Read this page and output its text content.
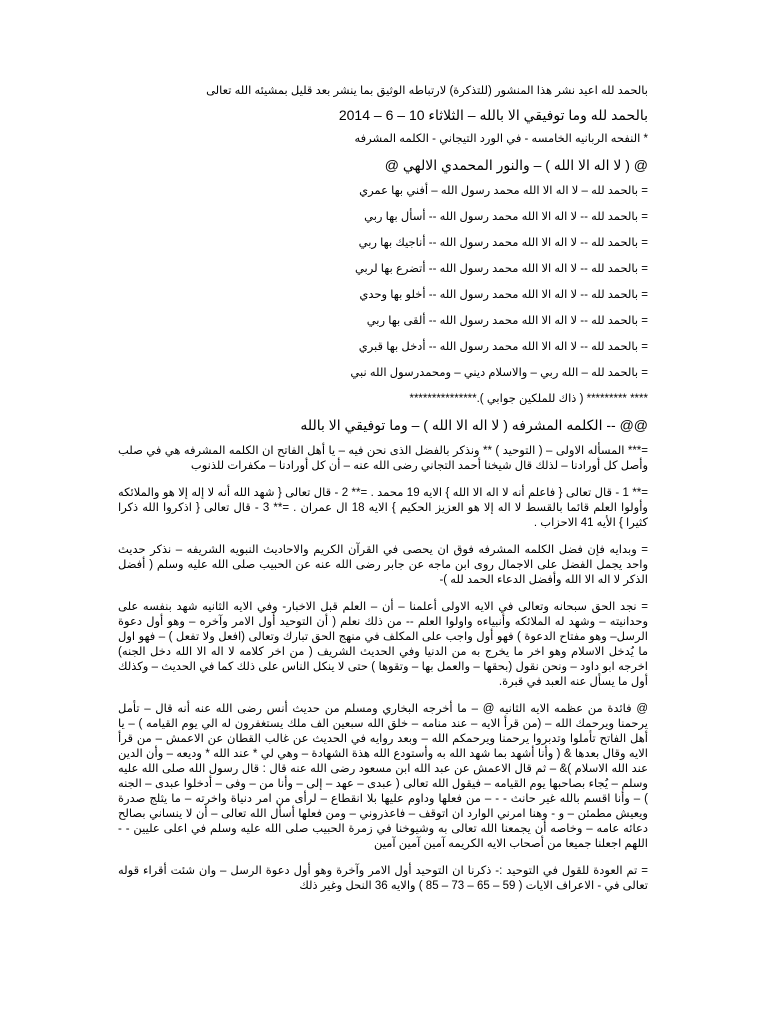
بالحمد لله اعيد نشر هذا المنشور (للتذكرة) لارتباطه الوثيق بما ينشر بعد قليل بمشيئه الله تعالى

بالحمد لله وما توفيقي الا بالله – الثلاثاء 10 – 6 – 2014

* النفحه الربانيه الخامسه - في الورد التيجاني - الكلمه المشرفه

@ ( لا اله الا الله ) – والنور المحمدي الالهي @

= بالحمد لله – لا اله الا الله محمد رسول الله – أفني بها عمري

= بالحمد لله -- لا اله الا الله محمد رسول الله -- أسأل بها ربي

= بالحمد لله -- لا اله الا الله محمد رسول الله -- أناجيك بها ربي

= بالحمد لله -- لا اله الا الله محمد رسول الله -- أتضرع بها لربي

= بالحمد لله -- لا اله الا الله محمد رسول الله -- أخلو بها وحدي

= بالحمد لله -- لا اله الا الله محمد رسول الله -- ألقى بها ربي

= بالحمد لله -- لا اله الا الله محمد رسول الله -- أدخل بها قبري

= بالحمد لله – الله ربي – والاسلام ديني – ومحمدرسول الله نبي

**** ********* ( ذاك للملكين جوابي ).***************

@@ -- الكلمه المشرفه ( لا اله الا الله ) – وما توفيقي الا بالله

=*** المسأله الاولى – ( التوحيد ) ** ونذكر بالفضل الذى نحن فيه – يا أهل الفاتح ان الكلمه المشرفه هي في صلب وأصل كل أورادنا – لذلك قال شيخنا أحمد التجاني رضى الله عنه – أن كل أورادنا – مكفرات للذنوب

=** 1 - قال تعالى { فاعلم أنه لا اله الا الله } الايه 19 محمد . =** 2 - قال تعالى { شهد الله أنه لا إله إلا هو والملائكه وأولوا العلم قائما بالقسط لا اله إلا هو العزيز الحكيم } الايه 18 ال عمران . =** 3 - قال تعالى { اذكروا الله ذكرا كثيرا } الأيه 41 الاحزاب .

= وبدايه فإن فضل الكلمه المشرفه فوق ان يحصى في القرآن الكريم والاحاديث النبويه الشريفه – نذكر حديث واحد يجمل الفضل على الاجمال روى ابن ماجه عن جابر رضى الله عنه عن الحبيب صلى الله عليه وسلم ( أفضل الذكر لا اله الا الله وأفضل الدعاء الحمد لله )-

= نجد الحق سبحانه وتعالى في الايه الاولى أعلمنا – أن – العلم قبل الاخبار- وفي الايه الثانيه شهد بنفسه على وحدانيته – وشهد له الملائكه وأنبياءه واولوا العلم -- من ذلك نعلم ( أن التوحيد أول الامر وآخره – وهو أول دعوة الرسل– وهو مفتاح الدعوة ) فهو أول واجب على المكلف في منهج الحق تبارك وتعالى (افعل ولا تفعل ) – فهو اول ما يُدخل الاسلام وهو اخر ما يخرج به من الدنيا وفي الحديث الشريف ( من اخر كلامه لا اله الا الله دخل الجنه) اخرجه ابو داود – ونحن نقول (بحقها – والعمل بها – وتقوها ) حتى لا ينكل الناس على ذلك كما في الحديث – وكذلك أول ما يسأل عنه العبد في قبرة.

@ فائدة من عظمه الايه الثانيه @ – ما أخرجه البخاري ومسلم من حديث أنس رضى الله عنه أنه قال – تأمل يرحمنا ويرحمك الله – (من قرأ الايه – عند منامه – خلق الله سبعين الف ملك يستغفرون له الي يوم القيامه ) – يا أهل الفاتح تأملوا وتدبروا يرحمنا ويرحمكم الله – وبعد روايه في الحديث عن غالب القطان عن الاعمش – من قرأ الايه وقال بعدها & ( وأنا أشهد بما شهد الله به وأستودع الله هذة الشهادة – وهي لي * عند الله * وديعه – وأن الدين عند الله الاسلام )& – ثم قال الاعمش عن عبد الله ابن مسعود رضى الله عنه قال : قال رسول الله صلى الله عليه وسلم – يُجاء بصاحبها يوم القيامه – فيقول الله تعالى ( عبدى – عهد – إلى – وأنا من – وفى – أدخلوا عبدى – الجنه ) – وأنا اقسم بالله غير حانث - - – من فعلها وداوم عليها بلا انقطاع – لرأى من امر دنياة واخرته – ما يثلج صدرة ويعيش مطمئن – و - وهنا امرني الوارد ان اتوقف – فاعذروني – ومن فعلها أسأل الله تعالى – أن لا ينساني بصالح دعائه عامه – وخاصه أن يجمعنا الله تعالى به وشيوخنا في زمرة الحبيب صلى الله عليه وسلم في اعلى عليين - - اللهم اجعلنا جميعا من أصحاب الايه الكريمه آمين آمين آمين

= تم العودة للقول في التوحيد :- ذكرنا ان التوحيد أول الامر وآخرة وهو أول دعوة الرسل – وان شئت أقراء قوله تعالى في - الاعراف الايات ( 59 – 65 – 73 – 85 ) والايه 36 النحل وغير ذلك
